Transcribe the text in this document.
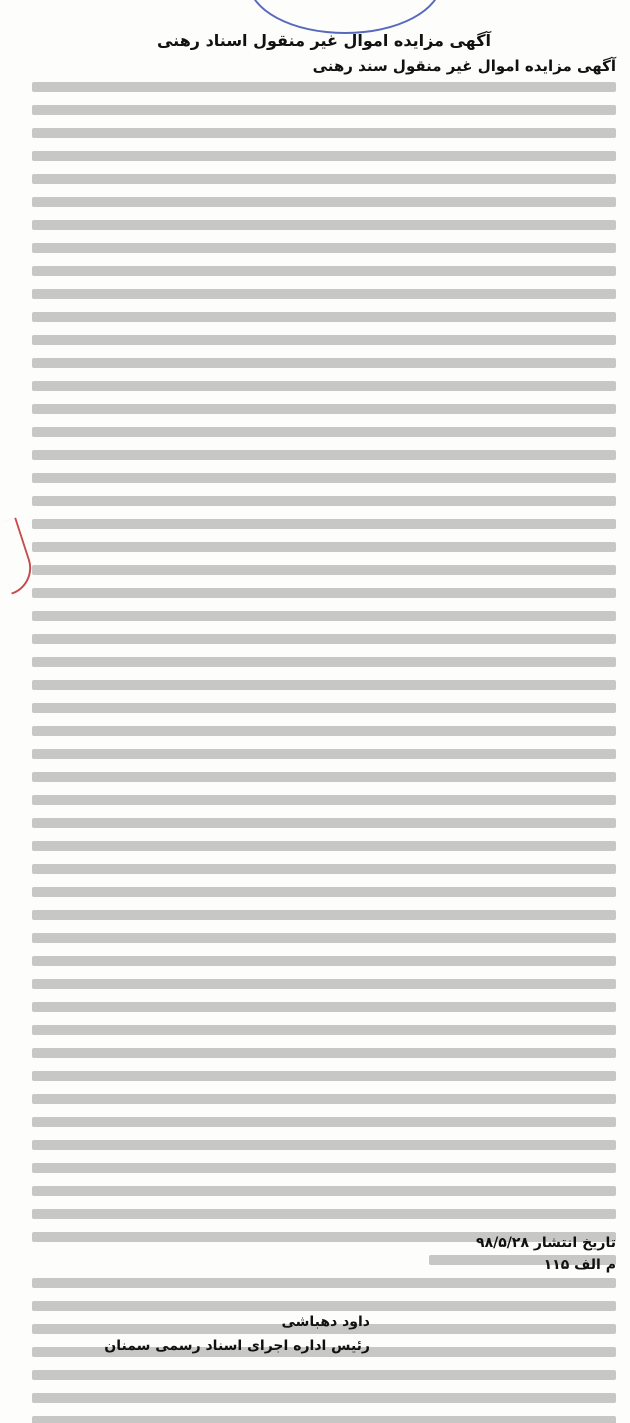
آگهی مزایده اموال غیر منقول اسناد رهنی
آگهی مزایده اموال غیر منقول سند رهنی
تاریخ انتشار ۹۸/۵/۲۸
م الف ۱۱۵
داود دهباشی
رئیس اداره اجرای اسناد رسمی سمنان
